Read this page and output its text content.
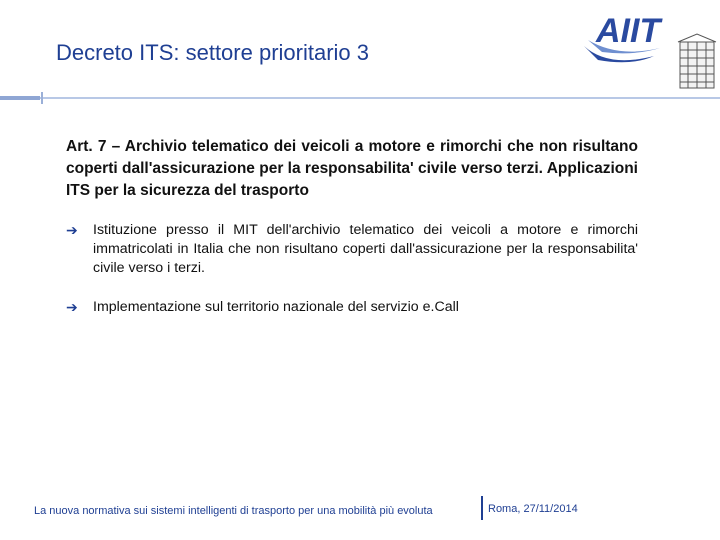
Decreto ITS: settore prioritario 3
AIIT

Art. 7 – Archivio telematico dei veicoli a motore e rimorchi che non risultano coperti dall'assicurazione per la responsabilita' civile verso terzi. Applicazioni ITS per la sicurezza del trasporto

➔	Istituzione presso il MIT dell'archivio telematico dei veicoli a motore e rimorchi immatricolati in Italia che non risultano coperti dall'assicurazione per la responsabilita' civile verso i terzi.
➔	Implementazione sul territorio nazionale del servizio e.Call
La nuova normativa sui sistemi intelligenti di trasporto per una mobilità più evoluta	Roma, 27/11/2014
